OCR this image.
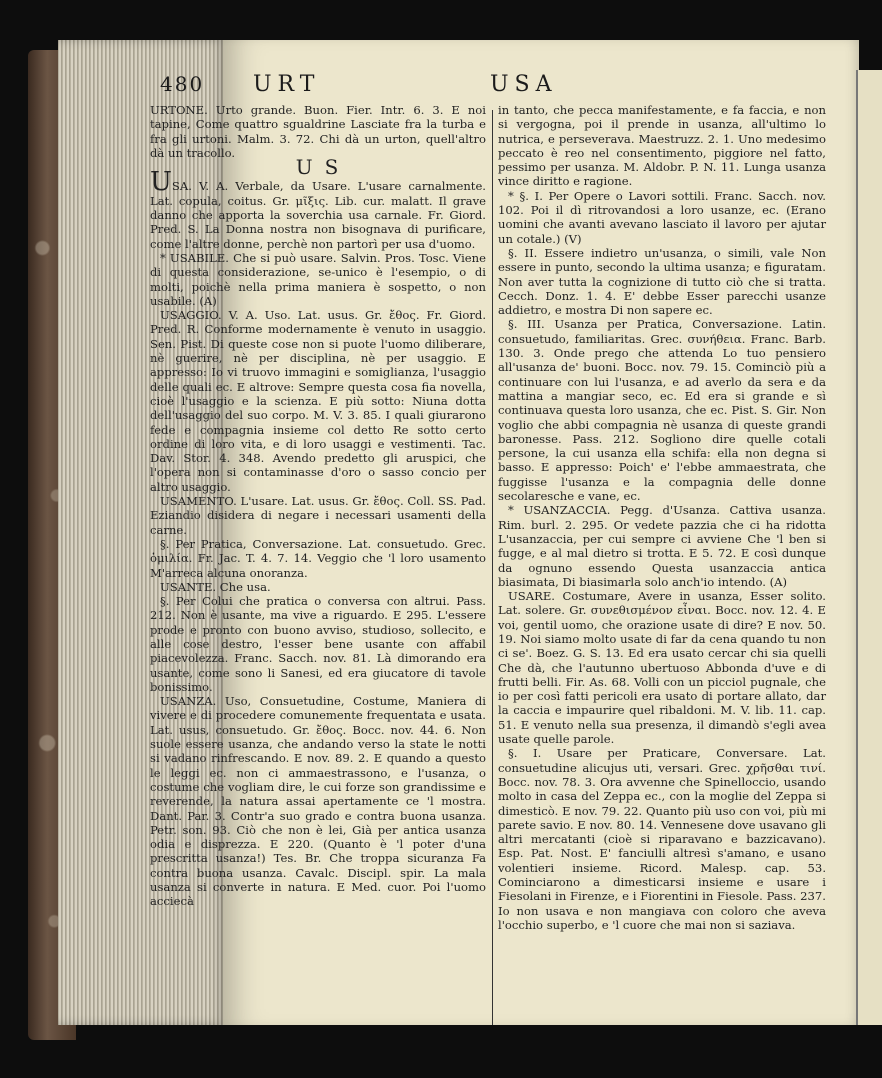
480 URT	USA

URTONE. Urto grande. Buon. Fier. Intr. 6. 3. E noi tapine, Come quattro sgualdrine Lasciate fra la turba e fra gli urtoni. Malm. 3. 72. Chi dà un urton, quell'altro dà un tracollo.

US

USA. V. A. Verbale, da Usare. L'usare carnalmente. Lat. copula, coitus. Gr. μῖξις. Lib. cur. malatt. Il grave danno che apporta la soverchia usa carnale. Fr. Giord. Pred. S. La Donna nostra non bisognava di purificare, come l'altre donne, perchè non partorì per usa d'uomo.

* USABILE. Che si può usare. Salvin. Pros. Tosc. Viene di questa considerazione, se-unico è l'esempio, o di molti, poichè nella prima maniera è sospetto, o non usabile. (A)

USAGGIO. V. A. Uso. Lat. usus. Gr. ἔθος. Fr. Giord. Pred. R. Conforme modernamente è venuto in usaggio. Sen. Pist. Di queste cose non si puote l'uomo diliberare, nè guerire, nè per disciplina, nè per usaggio. E appresso: Io vi truovo immagini e somiglianza, l'usaggio delle quali ec. E altrove: Sempre questa cosa fia novella, cioè l'usaggio e la scienza. E più sotto: Niuna dotta dell'usaggio del suo corpo. M. V. 3. 85. I quali giurarono fede e compagnia insieme col detto Re sotto certo ordine di loro vita, e di loro usaggi e vestimenti. Tac. Dav. Stor. 4. 348. Avendo predetto gli aruspici, che l'opera non si contaminasse d'oro o sasso concio per altro usaggio.

USAMENTO. L'usare. Lat. usus. Gr. ἔθος. Coll. SS. Pad. Eziandio disidera di negare i necessari usamenti della carne.

§. Per Pratica, Conversazione. Lat. consuetudo. Grec. ὁμιλία. Fr. Jac. T. 4. 7. 14. Veggio che 'l loro usamento M'arreca alcuna onoranza.

USANTE. Che usa.

§. Per Colui che pratica o conversa con altrui. Pass. 212. Non è usante, ma vive a riguardo. E 295. L'essere prode e pronto con buono avviso, studioso, sollecito, e alle cose destro, l'esser bene usante con affabil piacevolezza. Franc. Sacch. nov. 81. Là dimorando era usante, come sono li Sanesi, ed era giucatore di tavole bonissimo.

USANZA. Uso, Consuetudine, Costume, Maniera di vivere e di procedere comunemente frequentata e usata. Lat. usus, consuetudo. Gr. ἔθος. Bocc. nov. 44. 6. Non suole essere usanza, che andando verso la state le notti si vadano rinfrescando. E nov. 89. 2. E quando a questo le leggi ec. non ci ammaestrassono, e l'usanza, o costume che vogliam dire, le cui forze son grandissime e reverende, la natura assai apertamente ce 'l mostra. Dant. Par. 3. Contr'a suo grado e contra buona usanza. Petr. son. 93. Ciò che non è lei, Già per antica usanza odia e disprezza. E 220. (Quanto è 'l poter d'una prescritta usanza!) Tes. Br. Che troppa sicuranza Fa contra buona usanza. Cavalc. Discipl. spir. La mala usanza si converte in natura. E Med. cuor. Poi l'uomo acciecà

in tanto, che pecca manifestamente, e fa faccia, e non si vergogna, poi il prende in usanza, all'ultimo lo nutrica, e perseverava. Maestruzz. 2. 1. Uno medesimo peccato è reo nel consentimento, piggiore nel fatto, pessimo per usanza. M. Aldobr. P. N. 11. Lunga usanza vince diritto e ragione.

* §. I. Per Opere o Lavori sottili. Franc. Sacch. nov. 102. Poi il dì ritrovandosi a loro usanze, ec. (Erano uomini che avanti avevano lasciato il lavoro per ajutar un cotale.) (V)

§. II. Essere indietro un'usanza, o simili, vale Non essere in punto, secondo la ultima usanza; e figuratam. Non aver tutta la cognizione di tutto ciò che si tratta. Cecch. Donz. 1. 4. E' debbe Esser parecchi usanze addietro, e mostra Di non sapere ec.

§. III. Usanza per Pratica, Conversazione. Latin. consuetudo, familiaritas. Grec. συνήθεια. Franc. Barb. 130. 3. Onde prego che attenda Lo tuo pensiero all'usanza de' buoni. Bocc. nov. 79. 15. Cominciò più a continuare con lui l'usanza, e ad averlo da sera e da mattina a mangiar seco, ec. Ed era si grande e sì continuava questa loro usanza, che ec. Pist. S. Gir. Non voglio che abbi compagnia nè usanza di queste grandi baronesse. Pass. 212. Sogliono dire quelle cotali persone, la cui usanza ella schifa: ella non degna si basso. E appresso: Poich' e' l'ebbe ammaestrata, che fuggisse l'usanza e la compagnia delle donne secolaresche e vane, ec.

* USANZACCIA. Pegg. d'Usanza. Cattiva usanza. Rim. burl. 2. 295. Or vedete pazzia che ci ha ridotta L'usanzaccia, per cui sempre ci avviene Che 'l ben si fugge, e al mal dietro si trotta. E 5. 72. E così dunque da ognuno essendo Questa usanzaccia antica biasimata, Di biasimarla solo anch'io intendo. (A)

USARE. Costumare, Avere in usanza, Esser solito. Lat. solere. Gr. συνεθισμένον εἶναι. Bocc. nov. 12. 4. E voi, gentil uomo, che orazione usate di dire? E nov. 50. 19. Noi siamo molto usate di far da cena quando tu non ci se'. Boez. G. S. 13. Ed era usato cercar chi sia quelli Che dà, che l'autunno ubertuoso Abbonda d'uve e di frutti belli. Fir. As. 68. Volli con un picciol pugnale, che io per così fatti pericoli era usato di portare allato, dar la caccia e impaurire quel ribaldoni. M. V. lib. 11. cap. 51. E venuto nella sua presenza, il dimandò s'egli avea usate quelle parole.

§. I. Usare per Praticare, Conversare. Lat. consuetudine alicujus uti, versari. Grec. χρῆσθαι τινί. Bocc. nov. 78. 3. Ora avvenne che Spinelloccio, usando molto in casa del Zeppa ec., con la moglie del Zeppa si dimesticò. E nov. 79. 22. Quanto più uso con voi, più mi parete savio. E nov. 80. 14. Vennesene dove usavano gli altri mercatanti (cioè si riparavano e bazzicavano). Esp. Pat. Nost. E' fanciulli altresì s'amano, e usano volentieri insieme. Ricord. Malesp. cap. 53. Cominciarono a dimesticarsi insieme e usare i Fiesolani in Firenze, e i Fiorentini in Fiesole. Pass. 237. Io non usava e non mangiava con coloro che aveva l'occhio superbo, e 'l cuore che mai non si saziava.
